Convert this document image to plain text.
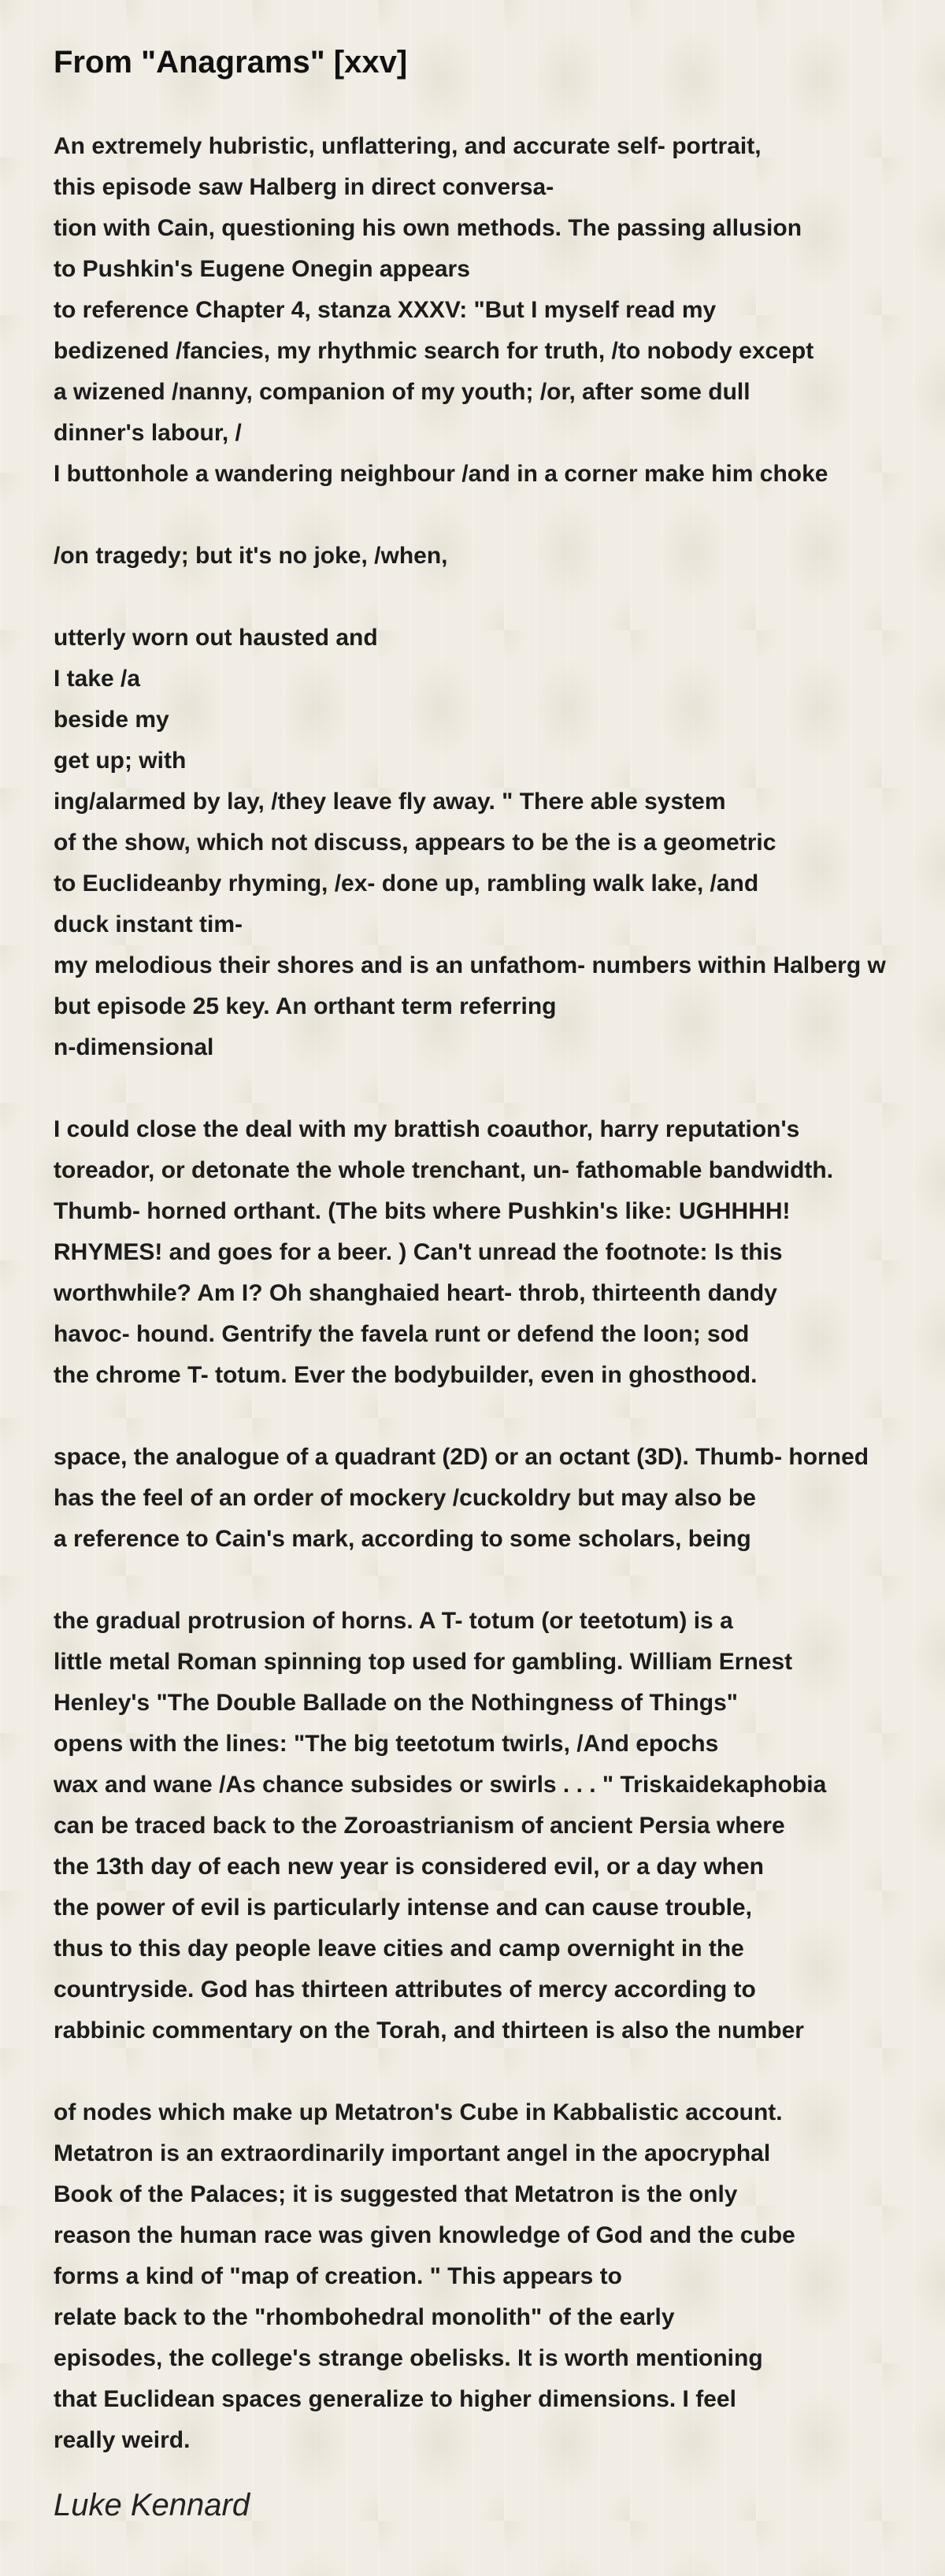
From "Anagrams" [xxv]
An extremely hubristic, unflattering, and accurate self- portrait,
this episode saw Halberg in direct conversa-
tion with Cain, questioning his own methods. The passing allusion
to Pushkin's Eugene Onegin appears
to reference Chapter 4, stanza XXXV: "But I myself read my
bedizened /fancies, my rhythmic search for truth, /to nobody except
a wizened /nanny, companion of my youth; /or, after some dull
dinner's labour, /
I buttonhole a wandering neighbour /and in a corner make him choke
/on tragedy; but it's no joke, /when,
utterly worn out hausted and
I take /a
beside my
get up; with
ing/alarmed by lay, /they leave fly away. " There able system
of the show, which not discuss, appears to be the is a geometric
to Euclideanby rhyming, /ex- done up, rambling walk lake, /and
duck instant tim-
my melodious their shores and is an unfathom- numbers within Halberg w
but episode 25 key. An orthant term referring
n-dimensional
I could close the deal with my brattish coauthor, harry reputation's
toreador, or detonate the whole trenchant, un- fathomable bandwidth.
Thumb- horned orthant. (The bits where Pushkin's like: UGHHHH!
RHYMES! and goes for a beer. ) Can't unread the footnote: Is this
worthwhile? Am I? Oh shanghaied heart- throb, thirteenth dandy
havoc- hound. Gentrify the favela runt or defend the loon; sod
the chrome T- totum. Ever the bodybuilder, even in ghosthood.
space, the analogue of a quadrant (2D) or an octant (3D). Thumb- horned
has the feel of an order of mockery /cuckoldry but may also be
a reference to Cain's mark, according to some scholars, being
the gradual protrusion of horns. A T- totum (or teetotum) is a
little metal Roman spinning top used for gambling. William Ernest
Henley's "The Double Ballade on the Nothingness of Things"
opens with the lines: "The big teetotum twirls, /And epochs
wax and wane /As chance subsides or swirls . . . " Triskaidekaphobia
can be traced back to the Zoroastrianism of ancient Persia where
the 13th day of each new year is considered evil, or a day when
the power of evil is particularly intense and can cause trouble,
thus to this day people leave cities and camp overnight in the
countryside. God has thirteen attributes of mercy according to
rabbinic commentary on the Torah, and thirteen is also the number
of nodes which make up Metatron's Cube in Kabbalistic account.
Metatron is an extraordinarily important angel in the apocryphal
Book of the Palaces; it is suggested that Metatron is the only
reason the human race was given knowledge of God and the cube
forms a kind of "map of creation. " This appears to
relate back to the "rhombohedral monolith" of the early
episodes, the college's strange obelisks. It is worth mentioning
that Euclidean spaces generalize to higher dimensions. I feel
really weird.
Luke Kennard
